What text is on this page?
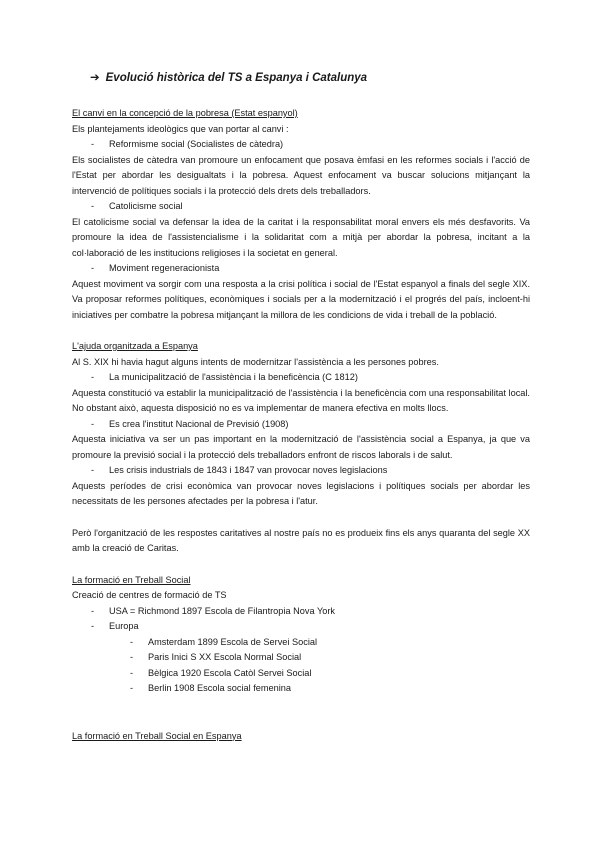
➔ Evolució històrica del TS a Espanya i Catalunya

El canvi en la concepció de la pobresa (Estat espanyol)

Els plantejaments ideològics que van portar al canvi :

-	Reformisme social (Socialistes de càtedra)

Els socialistes de càtedra van promoure un enfocament que posava èmfasi en les reformes socials i l'acció de l'Estat per abordar les desigualtats i la pobresa. Aquest enfocament va buscar solucions mitjançant la intervenció de polítiques socials i la protecció dels drets dels treballadors.

-	Catolicisme social

El catolicisme social va defensar la idea de la caritat i la responsabilitat moral envers els més desfavorits. Va promoure la idea de l'assistencialisme i la solidaritat com a mitjà per abordar la pobresa, incitant a la col·laboració de les institucions religioses i la societat en general.

-	Moviment regeneracionista

Aquest moviment va sorgir com una resposta a la crisi política i social de l'Estat espanyol a finals del segle XIX. Va proposar reformes polítiques, econòmiques i socials per a la modernització i el progrés del país, incloent-hi iniciatives per combatre la pobresa mitjançant la millora de les condicions de vida i treball de la població.

L'ajuda organitzada a Espanya

Al S. XIX hi havia hagut alguns intents de modernitzar l'assistència a les persones pobres.

-	La municipalització de l'assistència i la beneficència (C 1812)

Aquesta constitució va establir la municipalització de l'assistència i la beneficència com una responsabilitat local. No obstant això, aquesta disposició no es va implementar de manera efectiva en molts llocs.

-	Es crea l'institut Nacional de Previsió (1908)

Aquesta iniciativa va ser un pas important en la modernització de l'assistència social a Espanya, ja que va promoure la previsió social i la protecció dels treballadors enfront de riscos laborals i de salut.

-	Les crisis industrials de 1843 i 1847 van provocar noves legislacions

Aquests períodes de crisi econòmica van provocar noves legislacions i polítiques socials per abordar les necessitats de les persones afectades per la pobresa i l'atur.

Però l'organització de les respostes caritatives al nostre país no es produeix fins els anys quaranta del segle XX amb la creació de Caritas.

La formació en Treball Social

Creació de centres de formació de TS

-	USA = Richmond 1897 Escola de Filantropia Nova York
-	Europa
-	Amsterdam 1899 Escola de Servei Social
-	Paris Inici S XX Escola Normal Social
-	Bèlgica 1920 Escola Catòl Servei Social
-	Berlin 1908 Escola social femenina

La formació en Treball Social en Espanya
